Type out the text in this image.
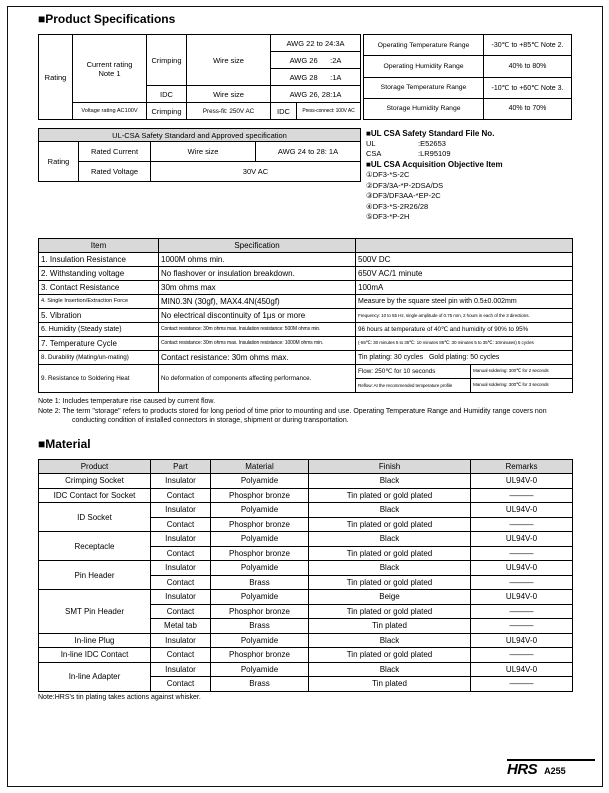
■Product Specifications
Rating	Current rating
Note 1	Crimping	Wire size	AWG 22 to 24:3A	
				AWG 26      :2A	
				AWG 28      :1A	
		IDC	Wire size	AWG 26, 28:1A	
	Voltage rating AC100V	Crimping	Press-fit: 250V AC	IDC	Press-connect: 100V AC
Operating Temperature Range	-30℃ to +85℃ Note 2.
Operating Humidity Range	40% to 80%
Storage Temperature Range	-10℃ to +60℃ Note 3.
Storage Humidity Range	40% to 70%
UL-CSA Safety Standard and Approved specification			
Rating	Rated Current	Wire size	AWG 24 to 28: 1A
	Rated Voltage	30V AC	
■UL CSA Safety Standard File No.
UL	:E52653
CSA	:LR95109
■UL CSA Acquisition Objective Item
①DF3-*S-2C
②DF3/3A-*P-2DSA/DS
③DF3/DF3AA-*EP-2C
④DF3-*S-2R26/28
⑤DF3-*P-2H
Item	Specification		
1. Insulation Resistance	1000M ohms min.	500V DC	
2. Withstanding voltage	No flashover or insulation breakdown.	650V AC/1 minute	
3. Contact Resistance	30m ohms max	100mA	
4. Single Insertion/Extraction Force	MIN0.3N (30gf), MAX4.4N(450gf)	Measure by the square steel pin with 0.5±0.002mm	
5. Vibration	No electrical discontinuity of 1μs or more	Frequency: 10 to 55 Hz, single amplitude of 0.75 mm, 2 hours in each of the 3 directions.	
6. Humidity (Steady state)	Contact resistance: 30m ohms max. Insulation resistance: 500M ohms min.	96 hours at temperature of 40℃ and humidity of 90% to 95%	
7. Temperature Cycle	Contact resistance: 30m ohms max. Insulation resistance: 1000M ohms min.	(-55℃: 30 minutes 5 to 35℃: 10 minutes 85℃: 30 minutes 5 to 35℃: 10minutes) 5 cycles	
8. Durability (Mating/un-mating)	Contact resistance: 30m ohms max.	Tin plating: 30 cycles   Gold plating: 50 cycles	
9. Resistance to Soldering Heat	No deformation of components affecting performance.	Flow: 250℃ for 10 seconds	Manual soldering: 300℃ for 2 seconds
		Reflow: At the recommended temperature profile	Manual soldering: 300℃ for 3 seconds
Note 1: Includes temperature rise caused by current flow.
Note 2: The term "storage" refers to products stored for long period of time prior to mounting and use. Operating Temperature Range and Humidity range covers non conducting condition of installed connectors in storage, shipment or during transportation.
■Material
Product	Part	Material	Finish	Remarks
Crimping Socket	Insulator	Polyamide	Black	UL94V-0
IDC Contact for Socket	Contact	Phosphor bronze	Tin plated or gold plated	———
ID Socket	Insulator	Polyamide	Black	UL94V-0
	Contact	Phosphor bronze	Tin plated or gold plated	———
Receptacle	Insulator	Polyamide	Black	UL94V-0
	Contact	Phosphor bronze	Tin plated or gold plated	———
Pin Header	Insulator	Polyamide	Black	UL94V-0
	Contact	Brass	Tin plated or gold plated	———
SMT Pin Header	Insulator	Polyamide	Beige	UL94V-0
	Contact	Phosphor bronze	Tin plated or gold plated	———
	Metal tab	Brass	Tin plated	———
In-line Plug	Insulator	Polyamide	Black	UL94V-0
In-line IDC Contact	Contact	Phosphor bronze	Tin plated or gold plated	———
In-line Adapter	Insulator	Polyamide	Black	UL94V-0
	Contact	Brass	Tin plated	———
Note:HRS's tin plating takes actions against whisker.
HRS A255
